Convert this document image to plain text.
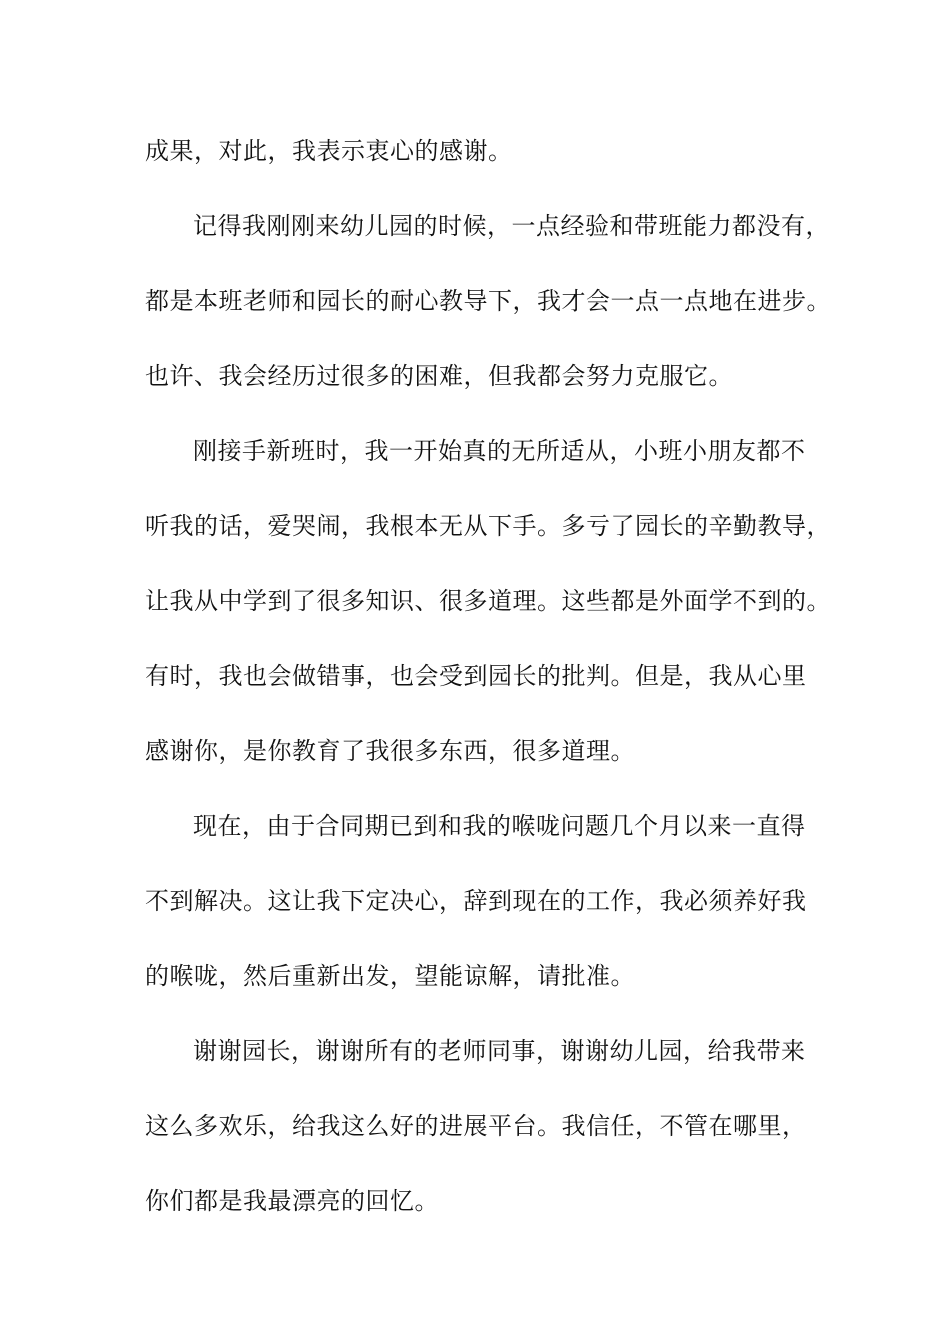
成果，对此，我表示衷心的感谢。
记得我刚刚来幼儿园的时候，一点经验和带班能力都没有，
都是本班老师和园长的耐心教导下，我才会一点一点地在进步。
也许、我会经历过很多的困难，但我都会努力克服它。
刚接手新班时，我一开始真的无所适从，小班小朋友都不
听我的话，爱哭闹，我根本无从下手。多亏了园长的辛勤教导，
让我从中学到了很多知识、很多道理。这些都是外面学不到的。
有时，我也会做错事，也会受到园长的批判。但是，我从心里
感谢你，是你教育了我很多东西，很多道理。
现在，由于合同期已到和我的喉咙问题几个月以来一直得
不到解决。这让我下定决心，辞到现在的工作，我必须养好我
的喉咙，然后重新出发，望能谅解，请批准。
谢谢园长，谢谢所有的老师同事，谢谢幼儿园，给我带来
这么多欢乐，给我这么好的进展平台。我信任，不管在哪里，
你们都是我最漂亮的回忆。
